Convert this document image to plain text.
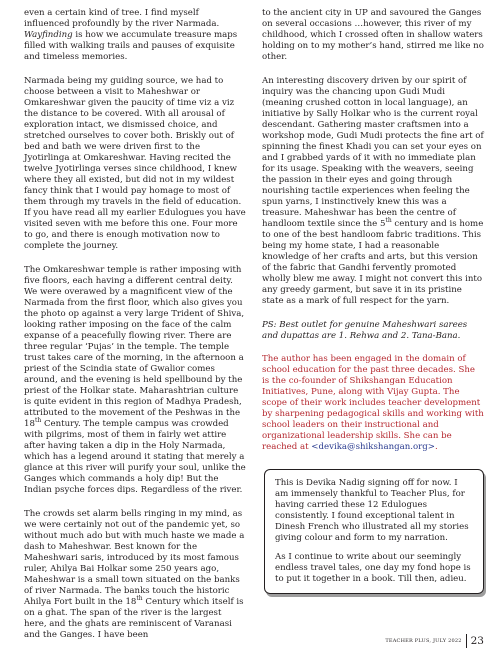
even a certain kind of tree. I find myself influenced profoundly by the river Narmada. Wayfinding is how we accumulate treasure maps filled with walking trails and pauses of exquisite and timeless memories.

Narmada being my guiding source, we had to choose between a visit to Maheshwar or Omkareshwar given the paucity of time viz a viz the distance to be covered. With all arousal of exploration intact, we dismissed choice, and stretched ourselves to cover both. Briskly out of bed and bath we were driven first to the Jyotirlinga at Omkareshwar. Having recited the twelve Jyotirlinga verses since childhood, I knew where they all existed, but did not in my wildest fancy think that I would pay homage to most of them through my travels in the field of education. If you have read all my earlier Edulogues you have visited seven with me before this one. Four more to go, and there is enough motivation now to complete the journey.

The Omkareshwar temple is rather imposing with five floors, each having a different central deity. We were overawed by a magnificent view of the Narmada from the first floor, which also gives you the photo op against a very large Trident of Shiva, looking rather imposing on the face of the calm expanse of a peacefully flowing river. There are three regular ‘Pujas’ in the temple. The temple trust takes care of the morning, in the afternoon a priest of the Scindia state of Gwalior comes around, and the evening is held spellbound by the priest of the Holkar state. Maharashtrian culture is quite evident in this region of Madhya Pradesh, attributed to the movement of the Peshwas in the 18th Century. The temple campus was crowded with pilgrims, most of them in fairly wet attire after having taken a dip in the Holy Narmada, which has a legend around it stating that merely a glance at this river will purify your soul, unlike the Ganges which commands a holy dip! But the Indian psyche forces dips. Regardless of the river.

The crowds set alarm bells ringing in my mind, as we were certainly not out of the pandemic yet, so without much ado but with much haste we made a dash to Maheshwar. Best known for the Maheshwari saris, introduced by its most famous ruler, Ahilya Bai Holkar some 250 years ago, Maheshwar is a small town situated on the banks of river Narmada. The banks touch the historic Ahilya Fort built in the 18th Century which itself is on a ghat. The span of the river is the largest here, and the ghats are reminiscent of Varanasi and the Ganges. I have been

to the ancient city in UP and savoured the Ganges on several occasions …however, this river of my childhood, which I crossed often in shallow waters holding on to my mother’s hand, stirred me like no other.

An interesting discovery driven by our spirit of inquiry was the chancing upon Gudi Mudi (meaning crushed cotton in local language), an initiative by Sally Holkar who is the current royal descendant. Gathering master craftsmen into a workshop mode, Gudi Mudi protects the fine art of spinning the finest Khadi you can set your eyes on and I grabbed yards of it with no immediate plan for its usage. Speaking with the weavers, seeing the passion in their eyes and going through nourishing tactile experiences when feeling the spun yarns, I instinctively knew this was a treasure. Maheshwar has been the centre of handloom textile since the 5th century and is home to one of the best handloom fabric traditions. This being my home state, I had a reasonable knowledge of her crafts and arts, but this version of the fabric that Gandhi fervently promoted wholly blew me away. I might not convert this into any greedy garment, but save it in its pristine state as a mark of full respect for the yarn.

PS: Best outlet for genuine Maheshwari sarees and dupattas are 1. Rehwa and 2. Tana-Bana.

The author has been engaged in the domain of school education for the past three decades. She is the co-founder of Shikshangan Education Initiatives, Pune, along with Vijay Gupta. The scope of their work includes teacher development by sharpening pedagogical skills and working with school leaders on their instructional and organizational leadership skills. She can be reached at <devika@shikshangan.org>.

This is Devika Nadig signing off for now. I am immensely thankful to Teacher Plus, for having carried these 12 Edulogues consistently. I found exceptional talent in Dinesh French who illustrated all my stories giving colour and form to my narration.

As I continue to write about our seemingly endless travel tales, one day my fond hope is to put it together in a book. Till then, adieu.

TEACHER PLUS, JULY 2022 23
